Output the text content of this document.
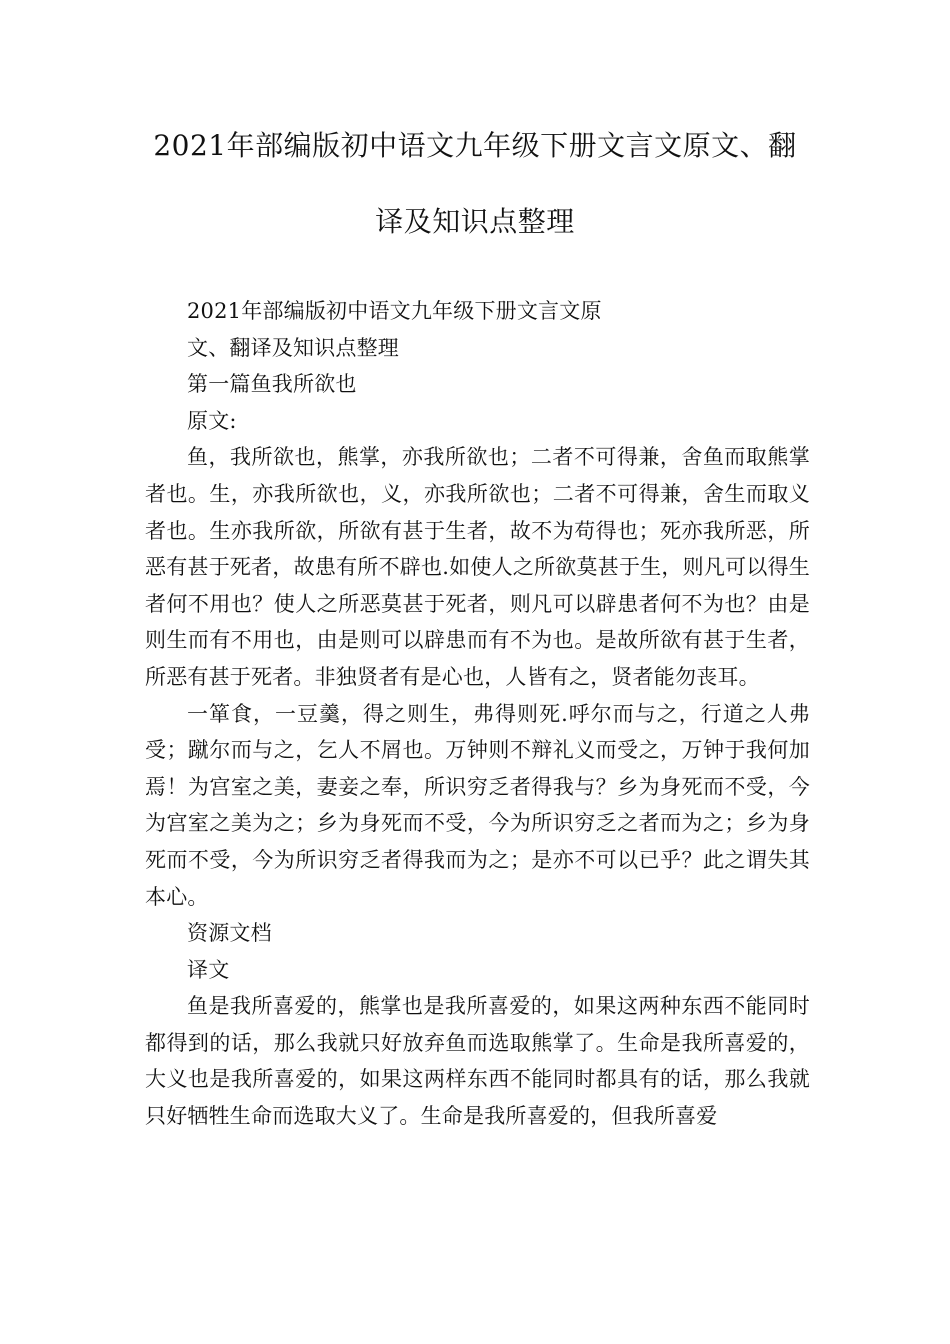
2021年部编版初中语文九年级下册文言文原文、翻
译及知识点整理

2021年部编版初中语文九年级下册文言文原

文、翻译及知识点整理

第一篇鱼我所欲也

原文:

鱼，我所欲也，熊掌，亦我所欲也；二者不可得兼，舍鱼而取熊掌者也。生，亦我所欲也，义，亦我所欲也；二者不可得兼，舍生而取义者也。生亦我所欲，所欲有甚于生者，故不为苟得也；死亦我所恶，所恶有甚于死者，故患有所不辟也.如使人之所欲莫甚于生，则凡可以得生者何不用也？使人之所恶莫甚于死者，则凡可以辟患者何不为也？由是则生而有不用也，由是则可以辟患而有不为也。是故所欲有甚于生者，所恶有甚于死者。非独贤者有是心也，人皆有之，贤者能勿丧耳。

一箪食，一豆羹，得之则生，弗得则死.呼尔而与之，行道之人弗受；蹴尔而与之，乞人不屑也。万钟则不辩礼义而受之，万钟于我何加焉！为宫室之美，妻妾之奉，所识穷乏者得我与？乡为身死而不受，今为宫室之美为之；乡为身死而不受，今为所识穷乏之者而为之；乡为身死而不受，今为所识穷乏者得我而为之；是亦不可以已乎？此之谓失其本心。

资源文档

译文

鱼是我所喜爱的，熊掌也是我所喜爱的，如果这两种东西不能同时都得到的话，那么我就只好放弃鱼而选取熊掌了。生命是我所喜爱的，大义也是我所喜爱的，如果这两样东西不能同时都具有的话，那么我就只好牺牲生命而选取大义了。生命是我所喜爱的，但我所喜爱
